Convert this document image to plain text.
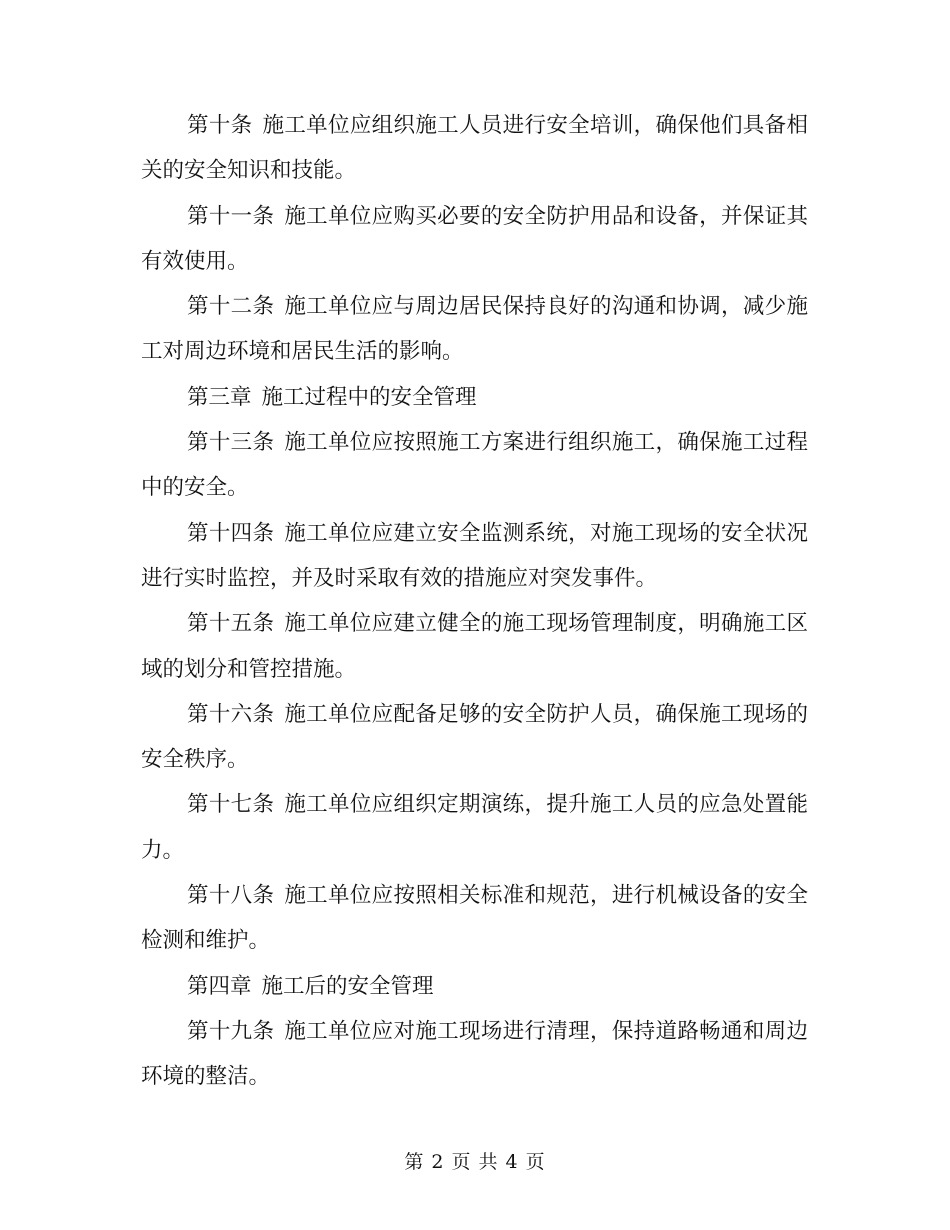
第十条 施工单位应组织施工人员进行安全培训，确保他们具备相关的安全知识和技能。

第十一条 施工单位应购买必要的安全防护用品和设备，并保证其有效使用。

第十二条 施工单位应与周边居民保持良好的沟通和协调，减少施工对周边环境和居民生活的影响。

第三章 施工过程中的安全管理

第十三条 施工单位应按照施工方案进行组织施工，确保施工过程中的安全。

第十四条 施工单位应建立安全监测系统，对施工现场的安全状况进行实时监控，并及时采取有效的措施应对突发事件。

第十五条 施工单位应建立健全的施工现场管理制度，明确施工区域的划分和管控措施。

第十六条 施工单位应配备足够的安全防护人员，确保施工现场的安全秩序。

第十七条 施工单位应组织定期演练，提升施工人员的应急处置能力。

第十八条 施工单位应按照相关标准和规范，进行机械设备的安全检测和维护。

第四章 施工后的安全管理

第十九条 施工单位应对施工现场进行清理，保持道路畅通和周边环境的整洁。

第 2 页 共 4 页
